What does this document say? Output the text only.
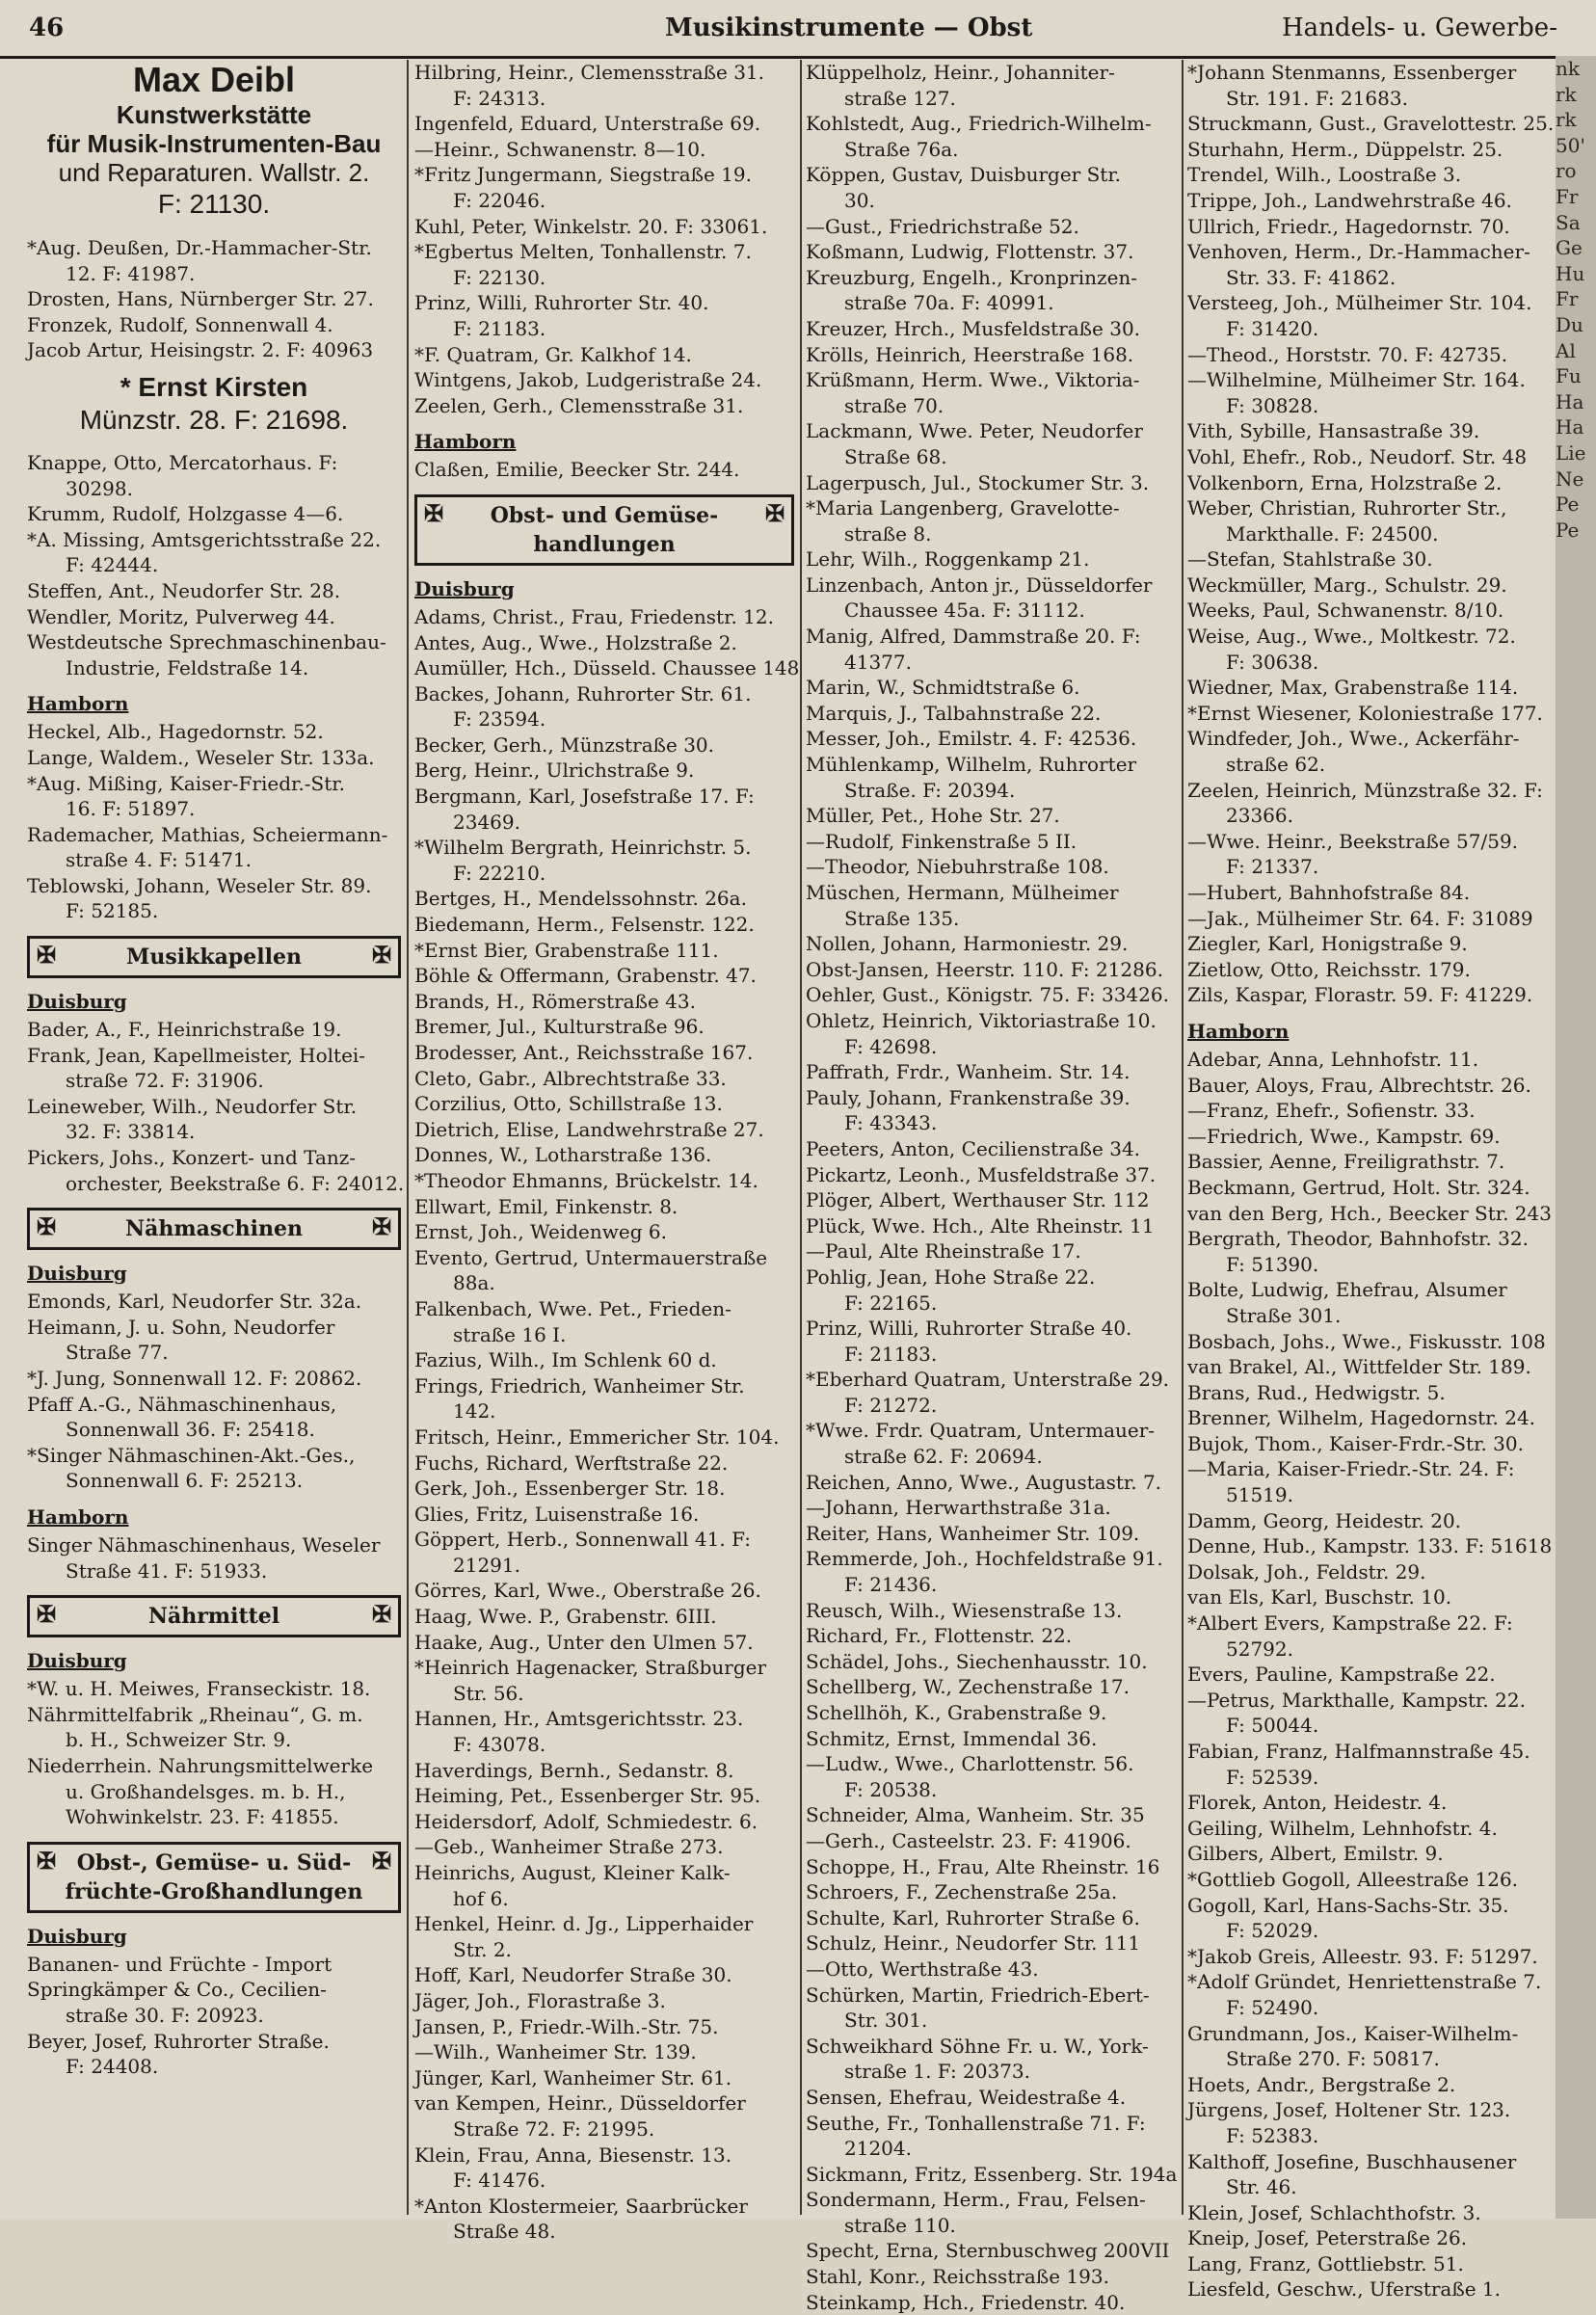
46	Musikinstrumente — Obst	Handels- u. Gewerbe-
Max Deibl
Kunstwerkstätte
für Musik-Instrumenten-Bau
und Reparaturen. Wallstr. 2.
F: 21130.
*Aug. Deußen, Dr.-Hammacher-Str.
12. F: 41987.
Drosten, Hans, Nürnberger Str. 27.
Fronzek, Rudolf, Sonnenwall 4.
Jacob Artur, Heisingstr. 2. F: 40963
* Ernst Kirsten
Münzstr. 28. F: 21698.
Knappe, Otto, Mercatorhaus. F:
30298.
Krumm, Rudolf, Holzgasse 4—6.
*A. Missing, Amtsgerichtsstraße 22.
F: 42444.
Steffen, Ant., Neudorfer Str. 28.
Wendler, Moritz, Pulverweg 44.
Westdeutsche Sprechmaschinenbau-
Industrie, Feldstraße 14.
Hamborn
Heckel, Alb., Hagedornstr. 52.
Lange, Waldem., Weseler Str. 133a.
*Aug. Mißing, Kaiser-Friedr.-Str.
16. F: 51897.
Rademacher, Mathias, Scheiermann-
straße 4. F: 51471.
Teblowski, Johann, Weseler Str. 89.
F: 52185.
✠	Musikkapellen	✠
Duisburg
Bader, A., F., Heinrichstraße 19.
Frank, Jean, Kapellmeister, Holtei-
straße 72. F: 31906.
Leineweber, Wilh., Neudorfer Str.
32. F: 33814.
Pickers, Johs., Konzert- und Tanz-
orchester, Beekstraße 6. F: 24012.
✠	Nähmaschinen	✠
Duisburg
Emonds, Karl, Neudorfer Str. 32a.
Heimann, J. u. Sohn, Neudorfer
Straße 77.
*J. Jung, Sonnenwall 12. F: 20862.
Pfaff A.-G., Nähmaschinenhaus,
Sonnenwall 36. F: 25418.
*Singer Nähmaschinen-Akt.-Ges.,
Sonnenwall 6. F: 25213.
Hamborn
Singer Nähmaschinenhaus, Weseler
Straße 41. F: 51933.
✠	Nährmittel	✠
Duisburg
*W. u. H. Meiwes, Franseckistr. 18.
Nährmittelfabrik „Rheinau“, G. m.
b. H., Schweizer Str. 9.
Niederrhein. Nahrungsmittelwerke
u. Großhandelsges. m. b. H.,
Wohwinkelstr. 23. F: 41855.
✠ Obst-, Gemüse- u. Süd-früchte-Großhandlungen
✠
Duisburg
Bananen- und Früchte - Import
Springkämper & Co., Cecilien-
straße 30. F: 20923.
Beyer, Josef, Ruhrorter Straße.
F: 24408.
Hilbring, Heinr., Clemensstraße 31.
F: 24313.
Ingenfeld, Eduard, Unterstraße 69.
—Heinr., Schwanenstr. 8—10.
*Fritz Jungermann, Siegstraße 19.
F: 22046.
Kuhl, Peter, Winkelstr. 20. F: 33061.
*Egbertus Melten, Tonhallenstr. 7.
F: 22130.
Prinz, Willi, Ruhrorter Str. 40.
F: 21183.
*F. Quatram, Gr. Kalkhof 14.
Wintgens, Jakob, Ludgeristraße 24.
Zeelen, Gerh., Clemensstraße 31.
Hamborn
Claßen, Emilie, Beecker Str. 244.
✠ Obst- und Gemüse-handlungen
✠
Duisburg
Adams, Christ., Frau, Friedenstr. 12.
Antes, Aug., Wwe., Holzstraße 2.
Aumüller, Hch., Düsseld. Chaussee 148
Backes, Johann, Ruhrorter Str. 61.
F: 23594.
Becker, Gerh., Münzstraße 30.
Berg, Heinr., Ulrichstraße 9.
Bergmann, Karl, Josefstraße 17. F:
23469.
*Wilhelm Bergrath, Heinrichstr. 5.
F: 22210.
Bertges, H., Mendelssohnstr. 26a.
Biedemann, Herm., Felsenstr. 122.
*Ernst Bier, Grabenstraße 111.
Böhle & Offermann, Grabenstr. 47.
Brands, H., Römerstraße 43.
Bremer, Jul., Kulturstraße 96.
Brodesser, Ant., Reichsstraße 167.
Cleto, Gabr., Albrechtstraße 33.
Corzilius, Otto, Schillstraße 13.
Dietrich, Elise, Landwehrstraße 27.
Donnes, W., Lotharstraße 136.
*Theodor Ehmanns, Brückelstr. 14.
Ellwart, Emil, Finkenstr. 8.
Ernst, Joh., Weidenweg 6.
Evento, Gertrud, Untermauerstraße
88a.
Falkenbach, Wwe. Pet., Frieden-
straße 16 I.
Fazius, Wilh., Im Schlenk 60 d.
Frings, Friedrich, Wanheimer Str.
142.
Fritsch, Heinr., Emmericher Str. 104.
Fuchs, Richard, Werftstraße 22.
Gerk, Joh., Essenberger Str. 18.
Glies, Fritz, Luisenstraße 16.
Göppert, Herb., Sonnenwall 41. F:
21291.
Görres, Karl, Wwe., Oberstraße 26.
Haag, Wwe. P., Grabenstr. 6III.
Haake, Aug., Unter den Ulmen 57.
*Heinrich Hagenacker, Straßburger
Str. 56.
Hannen, Hr., Amtsgerichtsstr. 23.
F: 43078.
Haverdings, Bernh., Sedanstr. 8.
Heiming, Pet., Essenberger Str. 95.
Heidersdorf, Adolf, Schmiedestr. 6.
—Geb., Wanheimer Straße 273.
Heinrichs, August, Kleiner Kalk-
hof 6.
Henkel, Heinr. d. Jg., Lipperhaider
Str. 2.
Hoff, Karl, Neudorfer Straße 30.
Jäger, Joh., Florastraße 3.
Jansen, P., Friedr.-Wilh.-Str. 75.
—Wilh., Wanheimer Str. 139.
Jünger, Karl, Wanheimer Str. 61.
van Kempen, Heinr., Düsseldorfer
Straße 72. F: 21995.
Klein, Frau, Anna, Biesenstr. 13.
F: 41476.
*Anton Klostermeier, Saarbrücker
Straße 48.
Klüppelholz, Heinr., Johanniter-
straße 127.
Kohlstedt, Aug., Friedrich-Wilhelm-
Straße 76a.
Köppen, Gustav, Duisburger Str.
30.
—Gust., Friedrichstraße 52.
Koßmann, Ludwig, Flottenstr. 37.
Kreuzburg, Engelh., Kronprinzen-
straße 70a. F: 40991.
Kreuzer, Hrch., Musfeldstraße 30.
Krölls, Heinrich, Heerstraße 168.
Krüßmann, Herm. Wwe., Viktoria-
straße 70.
Lackmann, Wwe. Peter, Neudorfer
Straße 68.
Lagerpusch, Jul., Stockumer Str. 3.
*Maria Langenberg, Gravelotte-
straße 8.
Lehr, Wilh., Roggenkamp 21.
Linzenbach, Anton jr., Düsseldorfer
Chaussee 45a. F: 31112.
Manig, Alfred, Dammstraße 20. F:
41377.
Marin, W., Schmidtstraße 6.
Marquis, J., Talbahnstraße 22.
Messer, Joh., Emilstr. 4. F: 42536.
Mühlenkamp, Wilhelm, Ruhrorter
Straße. F: 20394.
Müller, Pet., Hohe Str. 27.
—Rudolf, Finkenstraße 5 II.
—Theodor, Niebuhrstraße 108.
Müschen, Hermann, Mülheimer
Straße 135.
Nollen, Johann, Harmoniestr. 29.
Obst-Jansen, Heerstr. 110. F: 21286.
Oehler, Gust., Königstr. 75. F: 33426.
Ohletz, Heinrich, Viktoriastraße 10.
F: 42698.
Paffrath, Frdr., Wanheim. Str. 14.
Pauly, Johann, Frankenstraße 39.
F: 43343.
Peeters, Anton, Cecilienstraße 34.
Pickartz, Leonh., Musfeldstraße 37.
Plöger, Albert, Werthauser Str. 112
Plück, Wwe. Hch., Alte Rheinstr. 11
—Paul, Alte Rheinstraße 17.
Pohlig, Jean, Hohe Straße 22.
F: 22165.
Prinz, Willi, Ruhrorter Straße 40.
F: 21183.
*Eberhard Quatram, Unterstraße 29.
F: 21272.
*Wwe. Frdr. Quatram, Untermauer-
straße 62. F: 20694.
Reichen, Anno, Wwe., Augustastr. 7.
—Johann, Herwarthstraße 31a.
Reiter, Hans, Wanheimer Str. 109.
Remmerde, Joh., Hochfeldstraße 91.
F: 21436.
Reusch, Wilh., Wiesenstraße 13.
Richard, Fr., Flottenstr. 22.
Schädel, Johs., Siechenhausstr. 10.
Schellberg, W., Zechenstraße 17.
Schellhöh, K., Grabenstraße 9.
Schmitz, Ernst, Immendal 36.
—Ludw., Wwe., Charlottenstr. 56.
F: 20538.
Schneider, Alma, Wanheim. Str. 35
—Gerh., Casteelstr. 23. F: 41906.
Schoppe, H., Frau, Alte Rheinstr. 16
Schroers, F., Zechenstraße 25a.
Schulte, Karl, Ruhrorter Straße 6.
Schulz, Heinr., Neudorfer Str. 111
—Otto, Werthstraße 43.
Schürken, Martin, Friedrich-Ebert-
Str. 301.
Schweikhard Söhne Fr. u. W., York-
straße 1. F: 20373.
Sensen, Ehefrau, Weidestraße 4.
Seuthe, Fr., Tonhallenstraße 71. F:
21204.
Sickmann, Fritz, Essenberg. Str. 194a
Sondermann, Herm., Frau, Felsen-
straße 110.
Specht, Erna, Sternbuschweg 200VII
Stahl, Konr., Reichsstraße 193.
Steinkamp, Hch., Friedenstr. 40.
*Johann Stenmanns, Essenberger
Str. 191. F: 21683.
Struckmann, Gust., Gravelottestr. 25.
Sturhahn, Herm., Düppelstr. 25.
Trendel, Wilh., Loostraße 3.
Trippe, Joh., Landwehrstraße 46.
Ullrich, Friedr., Hagedornstr. 70.
Venhoven, Herm., Dr.-Hammacher-
Str. 33. F: 41862.
Versteeg, Joh., Mülheimer Str. 104.
F: 31420.
—Theod., Horststr. 70. F: 42735.
—Wilhelmine, Mülheimer Str. 164.
F: 30828.
Vith, Sybille, Hansastraße 39.
Vohl, Ehefr., Rob., Neudorf. Str. 48
Volkenborn, Erna, Holzstraße 2.
Weber, Christian, Ruhrorter Str.,
Markthalle. F: 24500.
—Stefan, Stahlstraße 30.
Weckmüller, Marg., Schulstr. 29.
Weeks, Paul, Schwanenstr. 8/10.
Weise, Aug., Wwe., Moltkestr. 72.
F: 30638.
Wiedner, Max, Grabenstraße 114.
*Ernst Wiesener, Koloniestraße 177.
Windfeder, Joh., Wwe., Ackerfähr-
straße 62.
Zeelen, Heinrich, Münzstraße 32. F:
23366.
—Wwe. Heinr., Beekstraße 57/59.
F: 21337.
—Hubert, Bahnhofstraße 84.
—Jak., Mülheimer Str. 64. F: 31089
Ziegler, Karl, Honigstraße 9.
Zietlow, Otto, Reichsstr. 179.
Zils, Kaspar, Florastr. 59. F: 41229.
Hamborn
Adebar, Anna, Lehnhofstr. 11.
Bauer, Aloys, Frau, Albrechtstr. 26.
—Franz, Ehefr., Sofienstr. 33.
—Friedrich, Wwe., Kampstr. 69.
Bassier, Aenne, Freiligrathstr. 7.
Beckmann, Gertrud, Holt. Str. 324.
van den Berg, Hch., Beecker Str. 243
Bergrath, Theodor, Bahnhofstr. 32.
F: 51390.
Bolte, Ludwig, Ehefrau, Alsumer
Straße 301.
Bosbach, Johs., Wwe., Fiskusstr. 108
van Brakel, Al., Wittfelder Str. 189.
Brans, Rud., Hedwigstr. 5.
Brenner, Wilhelm, Hagedornstr. 24.
Bujok, Thom., Kaiser-Frdr.-Str. 30.
—Maria, Kaiser-Friedr.-Str. 24. F:
51519.
Damm, Georg, Heidestr. 20.
Denne, Hub., Kampstr. 133. F: 51618
Dolsak, Joh., Feldstr. 29.
van Els, Karl, Buschstr. 10.
*Albert Evers, Kampstraße 22. F:
52792.
Evers, Pauline, Kampstraße 22.
—Petrus, Markthalle, Kampstr. 22.
F: 50044.
Fabian, Franz, Halfmannstraße 45.
F: 52539.
Florek, Anton, Heidestr. 4.
Geiling, Wilhelm, Lehnhofstr. 4.
Gilbers, Albert, Emilstr. 9.
*Gottlieb Gogoll, Alleestraße 126.
Gogoll, Karl, Hans-Sachs-Str. 35.
F: 52029.
*Jakob Greis, Alleestr. 93. F: 51297.
*Adolf Gründet, Henriettenstraße 7.
F: 52490.
Grundmann, Jos., Kaiser-Wilhelm-
Straße 270. F: 50817.
Hoets, Andr., Bergstraße 2.
Jürgens, Josef, Holtener Str. 123.
F: 52383.
Kalthoff, Josefine, Buschhausener
Str. 46.
Klein, Josef, Schlachthofstr. 3.
Kneip, Josef, Peterstraße 26.
Lang, Franz, Gottliebstr. 51.
Liesfeld, Geschw., Uferstraße 1.
nk
rk
rk
50'
ro
Fr
Sa
Ge
Hu
Fr
Du
Al
Fu
Ha
Ha
Lie
Ne
Pe
Pe
